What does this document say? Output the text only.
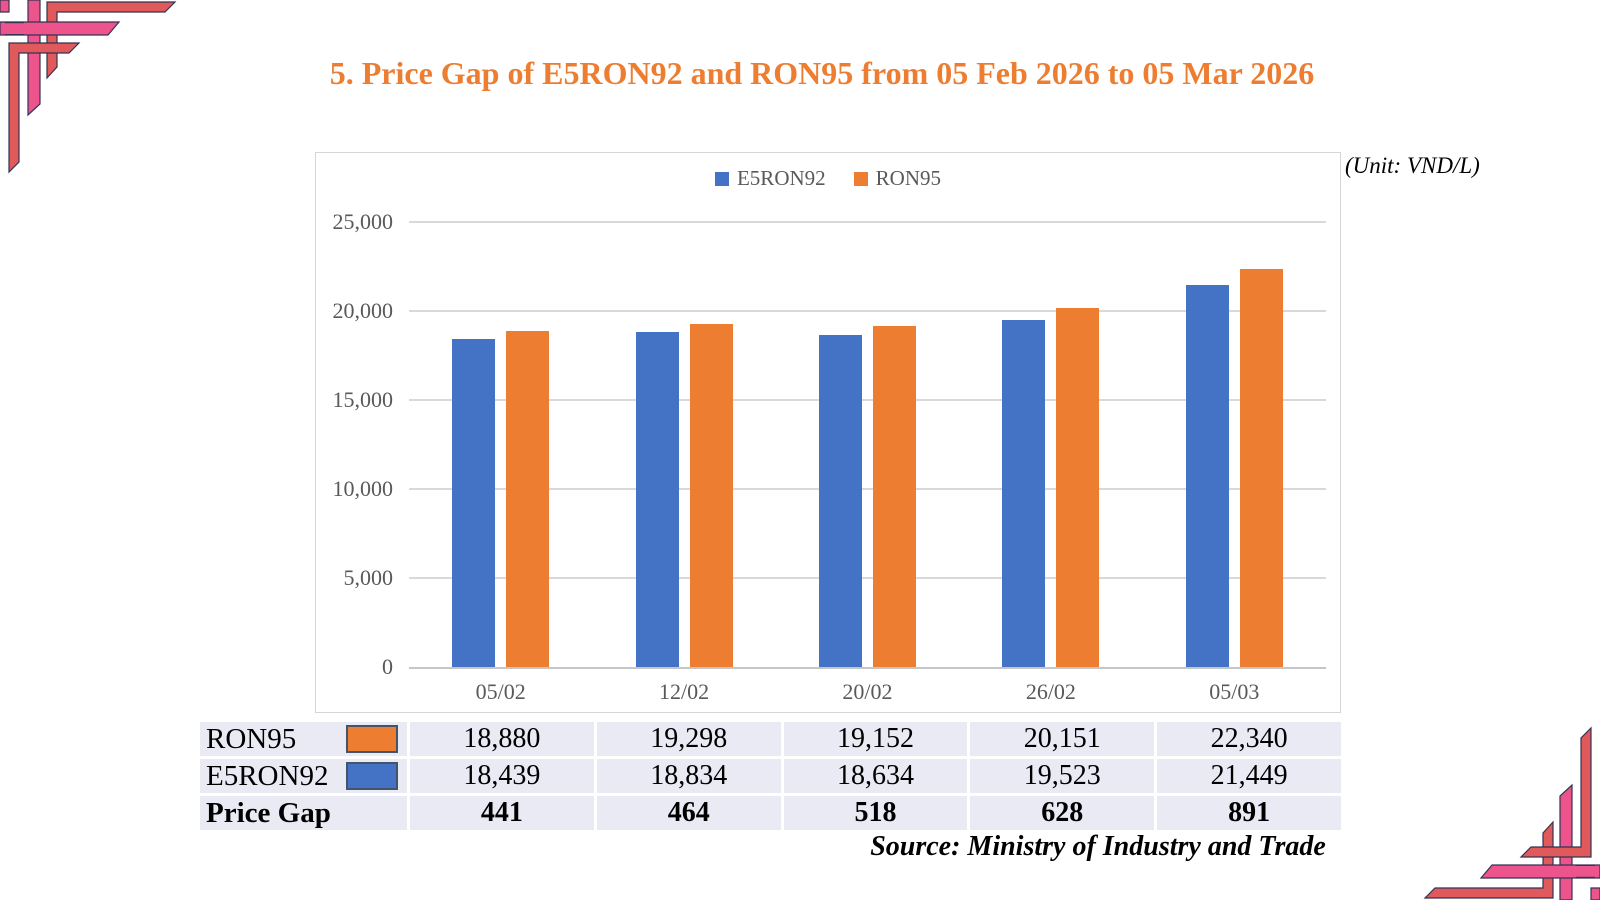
5. Price Gap of E5RON92 and RON95 from 05 Feb 2026 to 05 Mar 2026
(Unit: VND/L)
E5RON92 RON95
0
5,000
10,000
15,000
20,000
25,000
05/02	12/02	20/02	26/02	05/03
RON95	18,880	19,298	19,152	20,151	22,340
E5RON92	18,439	18,834	18,634	19,523	21,449
Price Gap	441	464	518	628	891
Source: Ministry of Industry and Trade
